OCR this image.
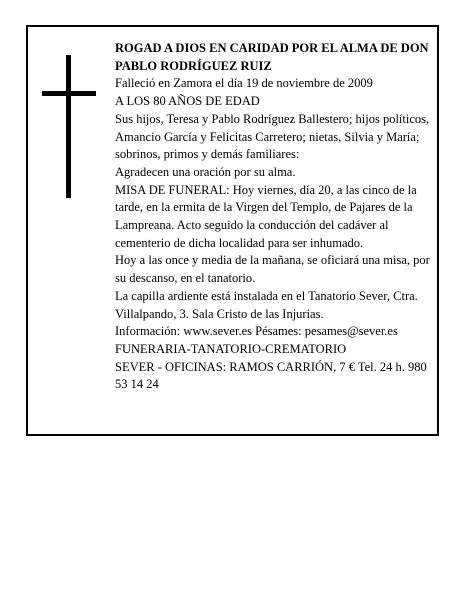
ROGAD A DIOS EN CARIDAD POR EL ALMA DE DON PABLO RODRÍGUEZ RUIZ

Falleció en Zamora el día 19 de noviembre de 2009

A LOS 80 AÑOS DE EDAD

Sus hijos, Teresa y Pablo Rodríguez Ballestero; hijos políticos, Amancio García y Felicitas Carretero; nietas, Silvia y María; sobrinos, primos y demás familiares:

Agradecen una oración por su alma.

MISA DE FUNERAL: Hoy viernes, día 20, a las cinco de la tarde, en la ermita de la Virgen del Templo, de Pajares de la Lampreana. Acto seguido la conducción del cadáver al cementerio de dicha localidad para ser inhumado.

Hoy a las once y media de la mañana, se oficiará una misa, por su descanso, en el tanatorio.

La capilla ardiente está instalada en el Tanatorio Sever, Ctra. Villalpando, 3. Sala Cristo de las Injurias.

Información: www.sever.es Pésames: pesames@sever.es

FUNERARIA-TANATORIO-CREMATORIO

SEVER - OFICINAS: RAMOS CARRIÓN, 7 € Tel. 24 h. 980 53 14 24
